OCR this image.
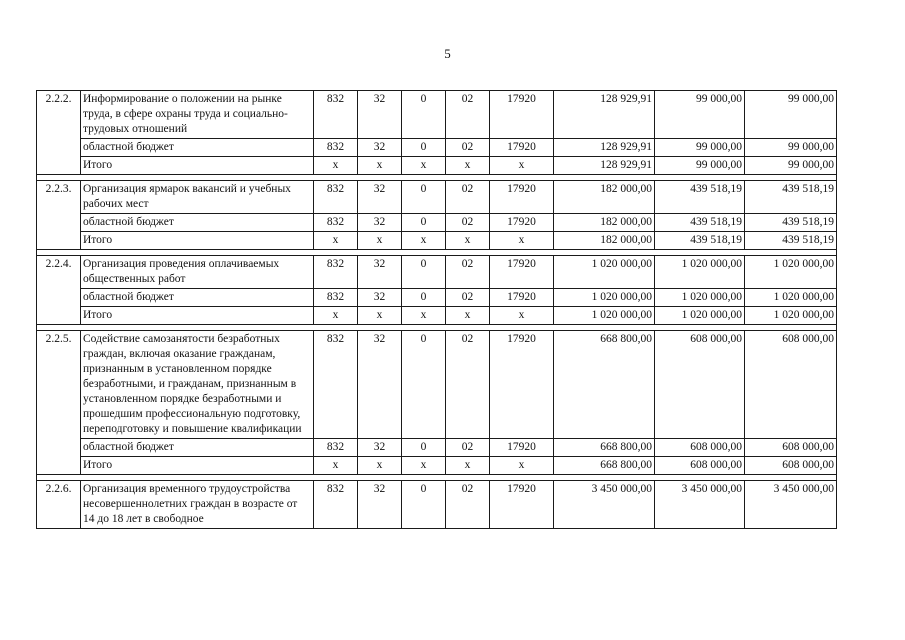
5
2.2.2.	Информирование о положении на рынке труда, в сфере охраны труда и социально-трудовых отношений	832	32	0	02	17920	128 929,91	99 000,00	99 000,00
	областной бюджет	832	32	0	02	17920	128 929,91	99 000,00	99 000,00
	Итого	х	х	х	х	х	128 929,91	99 000,00	99 000,00

2.2.3.	Организация ярмарок вакансий и учебных рабочих мест	832	32	0	02	17920	182 000,00	439 518,19	439 518,19
	областной бюджет	832	32	0	02	17920	182 000,00	439 518,19	439 518,19
	Итого	х	х	х	х	х	182 000,00	439 518,19	439 518,19

2.2.4.	Организация проведения оплачиваемых общественных работ	832	32	0	02	17920	1 020 000,00	1 020 000,00	1 020 000,00
	областной бюджет	832	32	0	02	17920	1 020 000,00	1 020 000,00	1 020 000,00
	Итого	х	х	х	х	х	1 020 000,00	1 020 000,00	1 020 000,00

2.2.5.	Содействие самозанятости безработных граждан, включая оказание гражданам, признанным в установленном порядке безработными, и гражданам, признанным в установленном порядке безработными и прошедшим профессиональную подготовку, переподготовку и повышение квалификации	832	32	0	02	17920	668 800,00	608 000,00	608 000,00
	областной бюджет	832	32	0	02	17920	668 800,00	608 000,00	608 000,00
	Итого	х	х	х	х	х	668 800,00	608 000,00	608 000,00

2.2.6.	Организация временного трудоустройства несовершеннолетних граждан в возрасте от 14 до 18 лет в свободное	832	32	0	02	17920	3 450 000,00	3 450 000,00	3 450 000,00
